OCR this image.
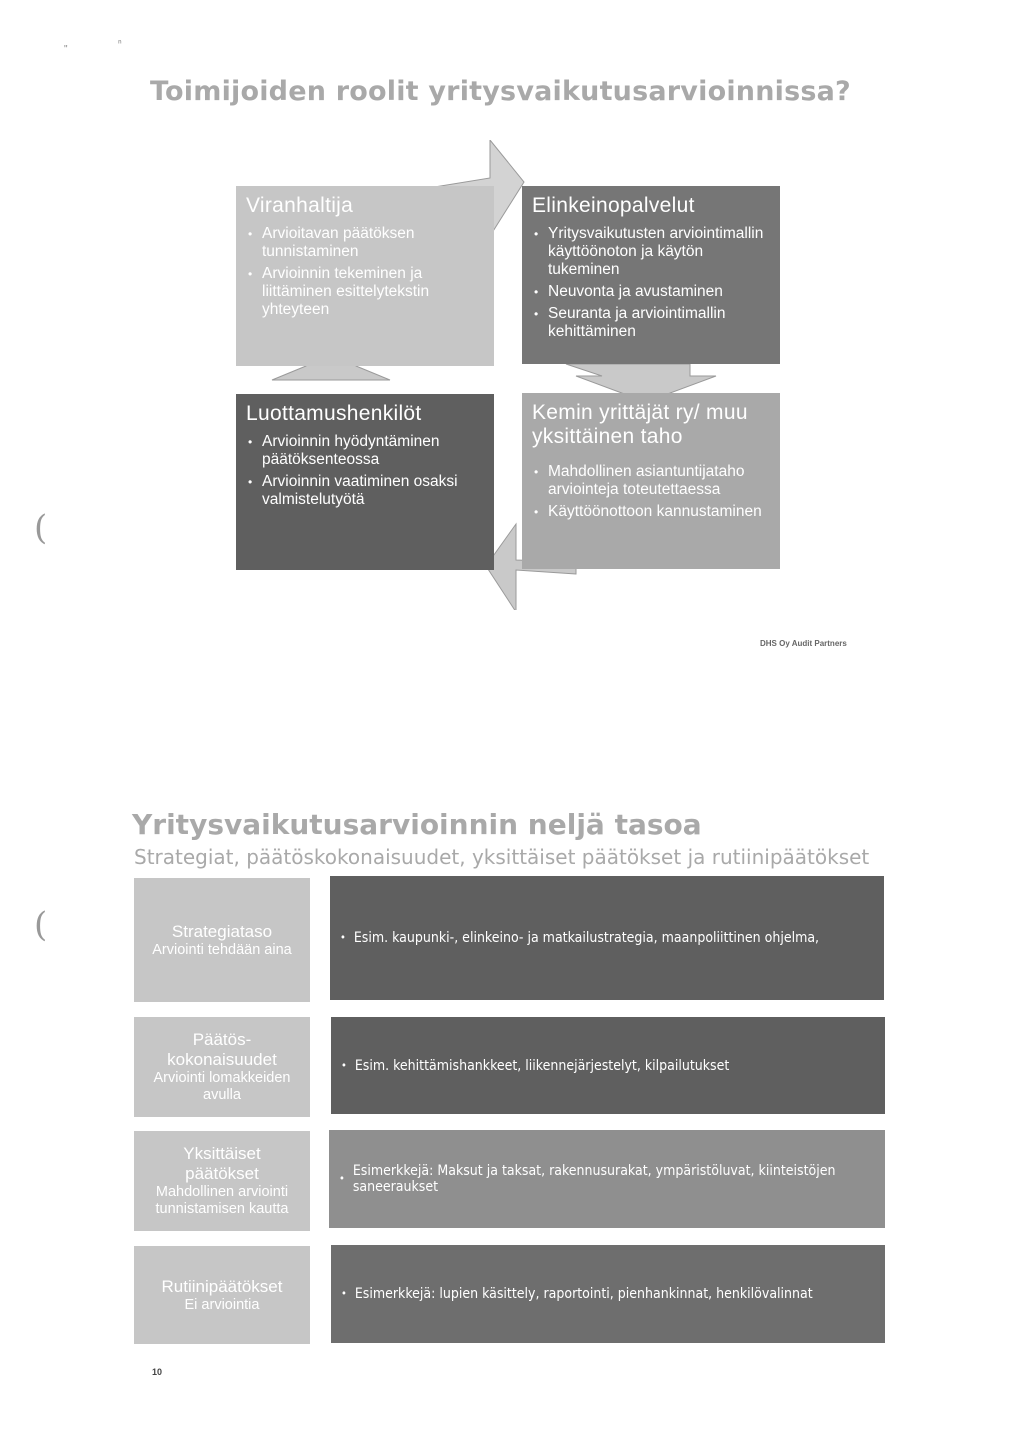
"
ⁿ
Toimijoiden roolit yritysvaikutusarvioinnissa?
Viranhaltija
• Arvioitavan päätöksen tunnistaminen
• Arvioinnin tekeminen ja liittäminen esittelytekstin yhteyteen
Elinkeinopalvelut
• Yritysvaikutusten arviointimallin käyttöönoton ja käytön tukeminen
• Neuvonta ja avustaminen
• Seuranta ja arviointimallin kehittäminen
Luottamushenkilöt
• Arvioinnin hyödyntäminen päätöksenteossa
• Arvioinnin vaatiminen osaksi valmistelutyötä
Kemin yrittäjät ry/ muu yksittäinen taho
• Mahdollinen asiantuntijataho arviointeja toteutettaessa
• Käyttöönottoon kannustaminen
DHS Oy Audit Partners
(
(
Yritysvaikutusarvioinnin neljä tasoa
Strategiat, päätöskokonaisuudet, yksittäiset päätökset ja rutiinipäätökset
Strategiataso
Arviointi tehdään aina
• Esim. kaupunki-, elinkeino- ja matkailustrategia, maanpoliittinen ohjelma,
Päätös-
kokonaisuudet
Arviointi lomakkeiden avulla
• Esim. kehittämishankkeet, liikennejärjestelyt, kilpailutukset
Yksittäiset päätökset
Mahdollinen arviointi tunnistamisen kautta
• Esimerkkejä: Maksut ja taksat, rakennusurakat, ympäristöluvat, kiinteistöjen saneeraukset
Rutiinipäätökset
Ei arviointia
• Esimerkkejä: lupien käsittely, raportointi, pienhankinnat, henkilövalinnat
10
